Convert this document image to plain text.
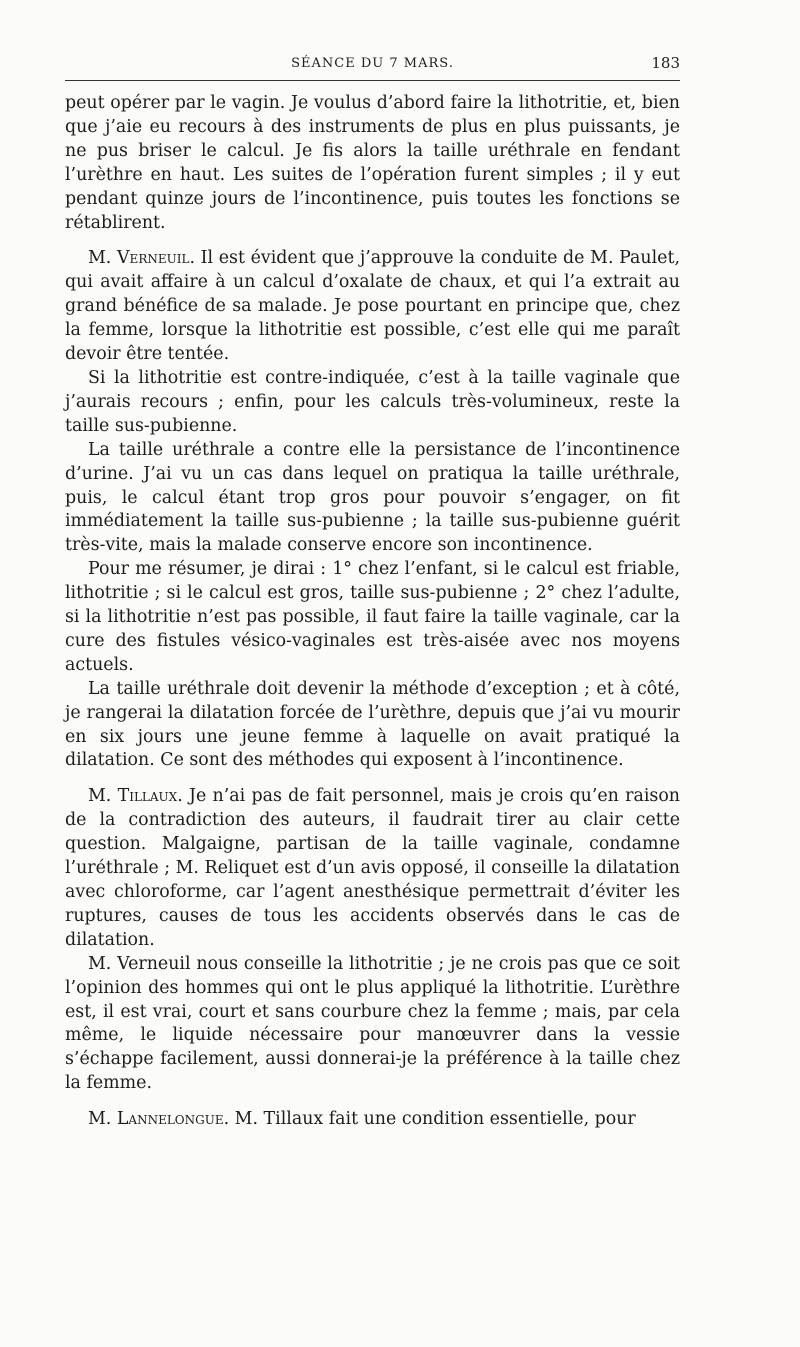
SÉANCE DU 7 MARS.	183

peut opérer par le vagin. Je voulus d’abord faire la lithotritie, et, bien que j’aie eu recours à des instruments de plus en plus puissants, je ne pus briser le calcul. Je fis alors la taille uréthrale en fendant l’urèthre en haut. Les suites de l’opération furent simples ; il y eut pendant quinze jours de l’incontinence, puis toutes les fonctions se rétablirent.

M. Verneuil. Il est évident que j’approuve la conduite de M. Paulet, qui avait affaire à un calcul d’oxalate de chaux, et qui l’a extrait au grand bénéfice de sa malade. Je pose pourtant en principe que, chez la femme, lorsque la lithotritie est possible, c’est elle qui me paraît devoir être tentée.

Si la lithotritie est contre-indiquée, c’est à la taille vaginale que j’aurais recours ; enfin, pour les calculs très-volumineux, reste la taille sus-pubienne.

La taille uréthrale a contre elle la persistance de l’incontinence d’urine. J’ai vu un cas dans lequel on pratiqua la taille uréthrale, puis, le calcul étant trop gros pour pouvoir s’engager, on fit immédiatement la taille sus-pubienne ; la taille sus-pubienne guérit très-vite, mais la malade conserve encore son incontinence.

Pour me résumer, je dirai : 1° chez l’enfant, si le calcul est friable, lithotritie ; si le calcul est gros, taille sus-pubienne ; 2° chez l’adulte, si la lithotritie n’est pas possible, il faut faire la taille vaginale, car la cure des fistules vésico-vaginales est très-aisée avec nos moyens actuels.

La taille uréthrale doit devenir la méthode d’exception ; et à côté, je rangerai la dilatation forcée de l’urèthre, depuis que j’ai vu mourir en six jours une jeune femme à laquelle on avait pratiqué la dilatation. Ce sont des méthodes qui exposent à l’incontinence.

M. Tillaux. Je n’ai pas de fait personnel, mais je crois qu’en raison de la contradiction des auteurs, il faudrait tirer au clair cette question. Malgaigne, partisan de la taille vaginale, condamne l’uréthrale ; M. Reliquet est d’un avis opposé, il conseille la dilatation avec chloroforme, car l’agent anesthésique permettrait d’éviter les ruptures, causes de tous les accidents observés dans le cas de dilatation.

M. Verneuil nous conseille la lithotritie ; je ne crois pas que ce soit l’opinion des hommes qui ont le plus appliqué la lithotritie. L’urèthre est, il est vrai, court et sans courbure chez la femme ; mais, par cela même, le liquide nécessaire pour manœuvrer dans la vessie s’échappe facilement, aussi donnerai-je la préférence à la taille chez la femme.

M. Lannelongue. M. Tillaux fait une condition essentielle, pour
